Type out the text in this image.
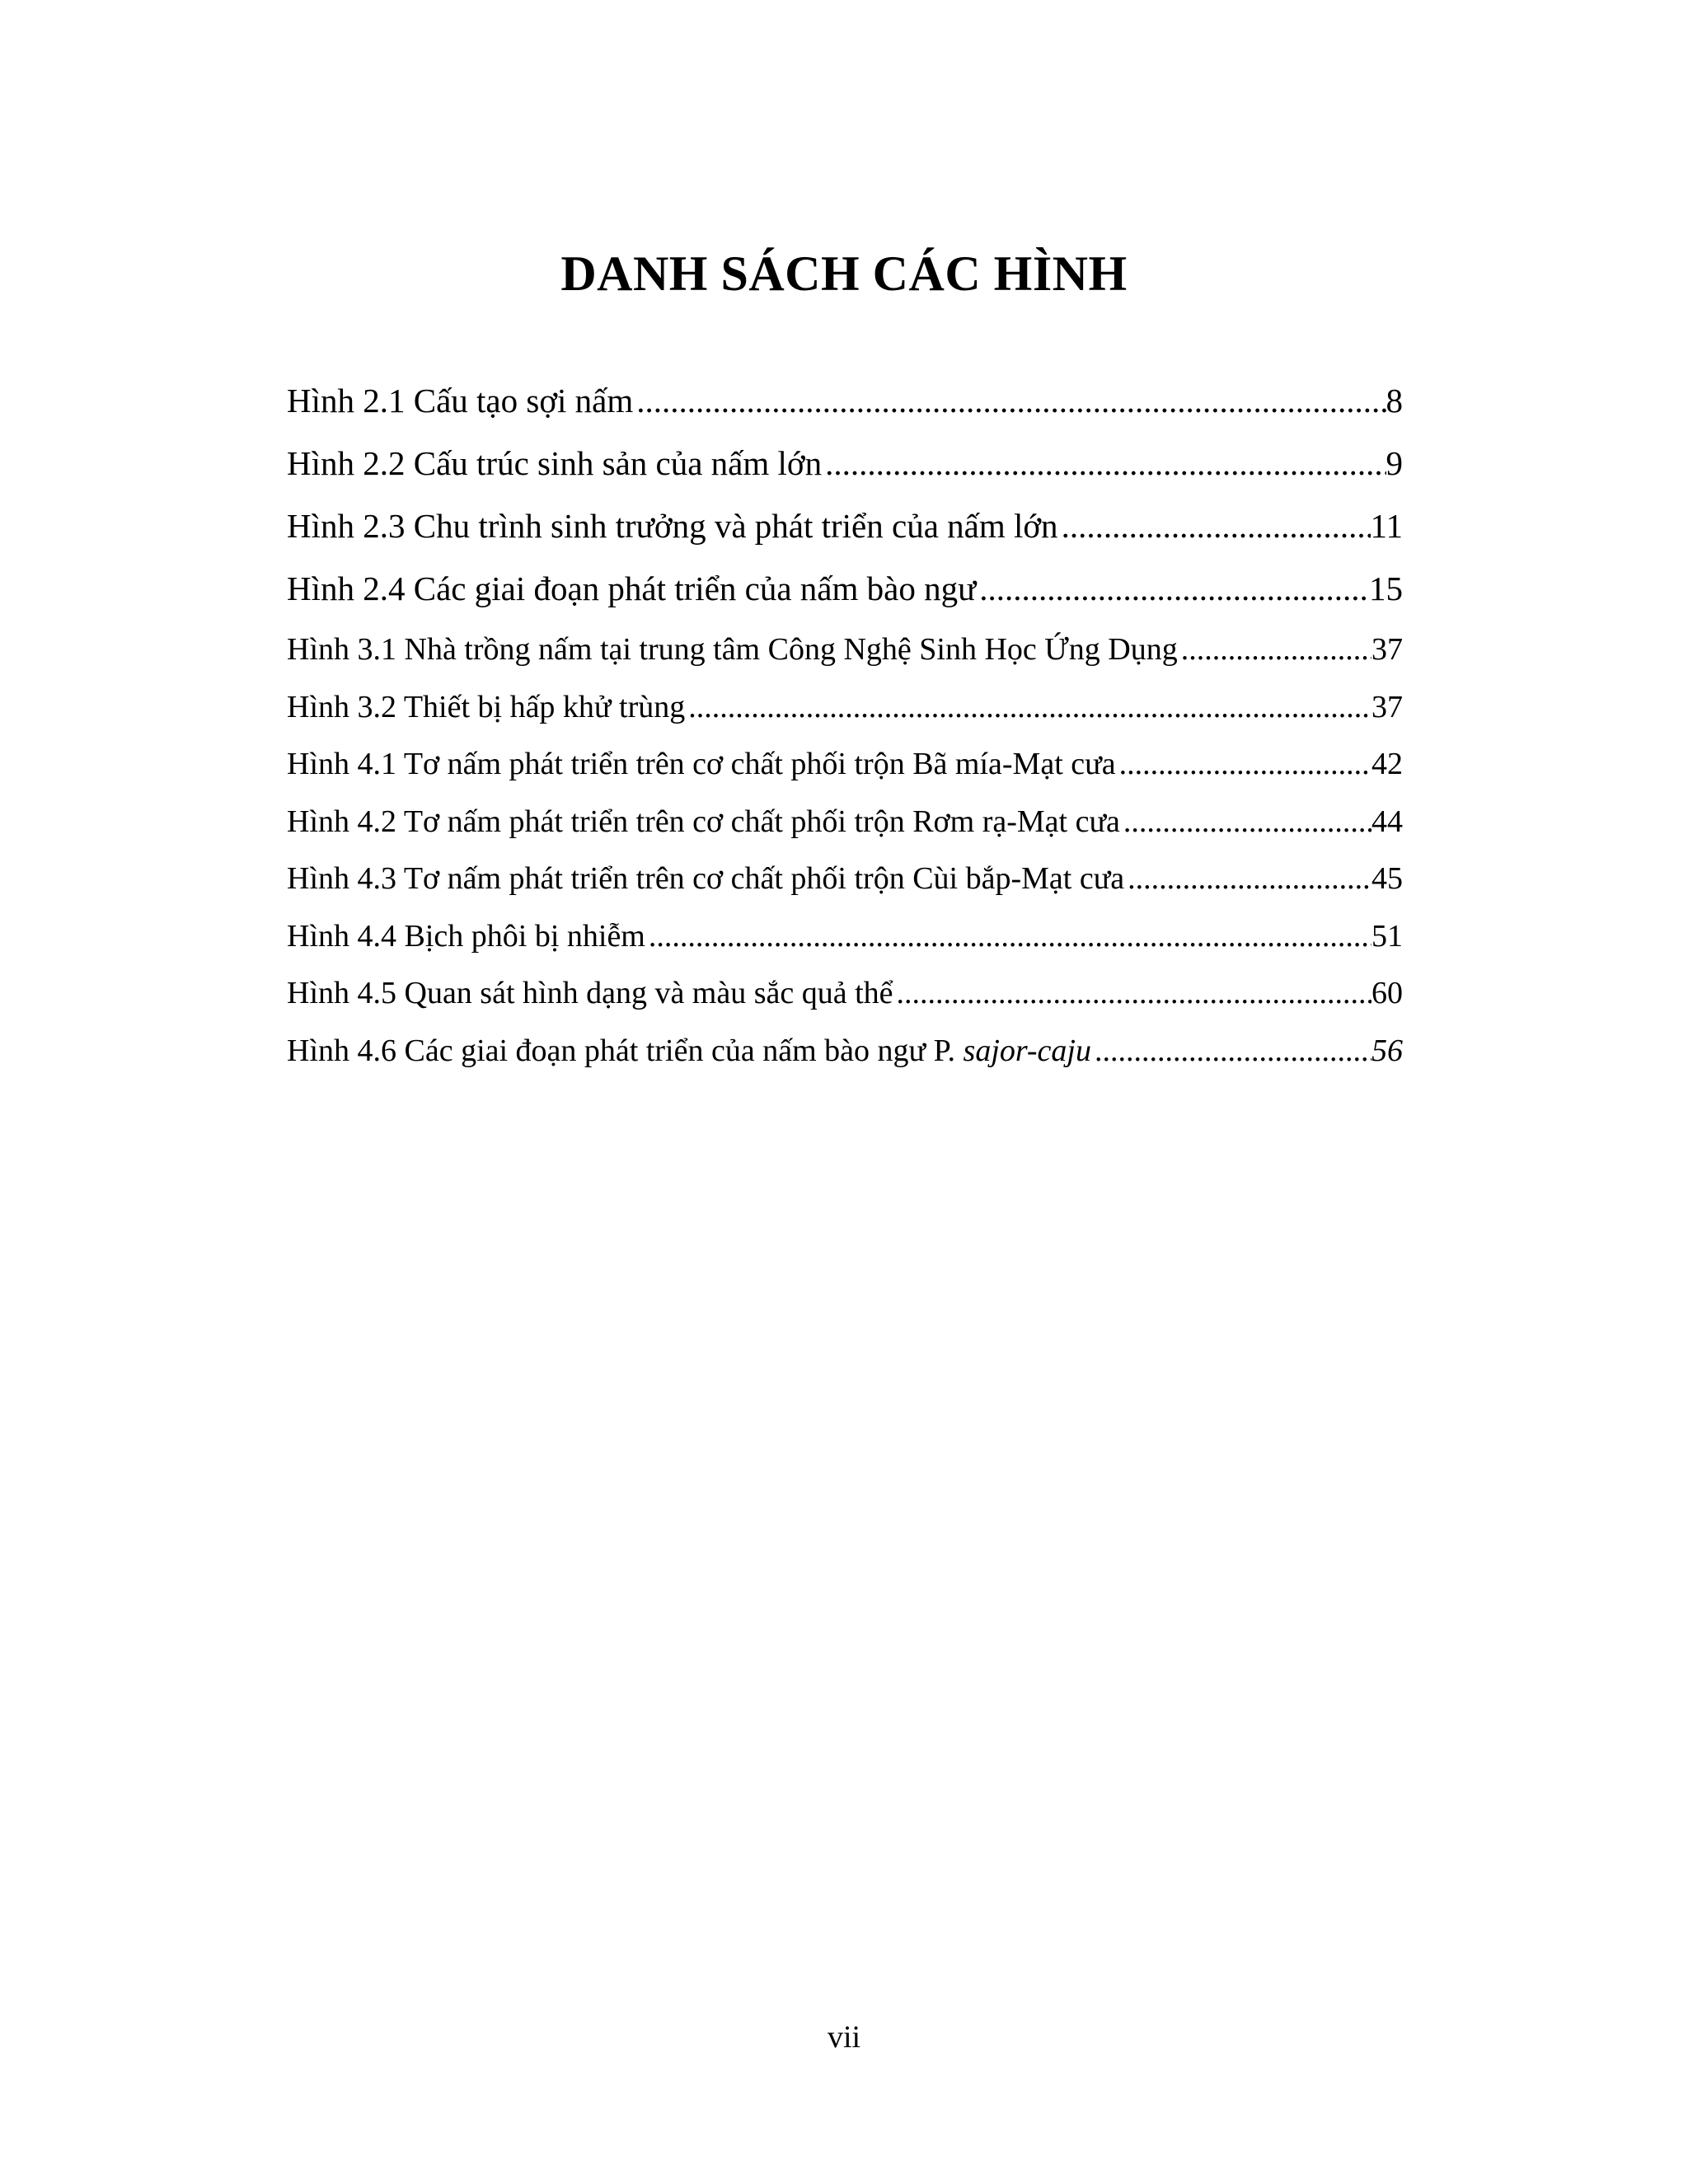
DANH SÁCH CÁC HÌNH
Hình 2.1 Cấu tạo sợi nấm .....	8
Hình 2.2 Cấu trúc sinh sản của nấm lớn .....	9
Hình 2.3 Chu trình sinh trưởng và phát triển của nấm lớn .....	11
Hình 2.4 Các giai đoạn phát triển của nấm bào ngư .....	15
Hình 3.1 Nhà trồng nấm tại trung tâm Công Nghệ Sinh Học Ứng Dụng .....	37
Hình 3.2 Thiết bị hấp khử trùng .....	37
Hình 4.1 Tơ nấm phát triển trên cơ chất phối trộn Bã mía-Mạt cưa .....	42
Hình 4.2 Tơ nấm phát triển trên cơ chất phối trộn Rơm rạ-Mạt cưa .....	44
Hình 4.3 Tơ nấm phát triển trên cơ chất phối trộn Cùi bắp-Mạt cưa .....	45
Hình 4.4 Bịch phôi bị nhiễm .....	51
Hình 4.5 Quan sát hình dạng và màu sắc quả thể .....	60
Hình 4.6 Các giai đoạn phát triển của nấm bào ngư P. sajor-caju .....	56
vii
